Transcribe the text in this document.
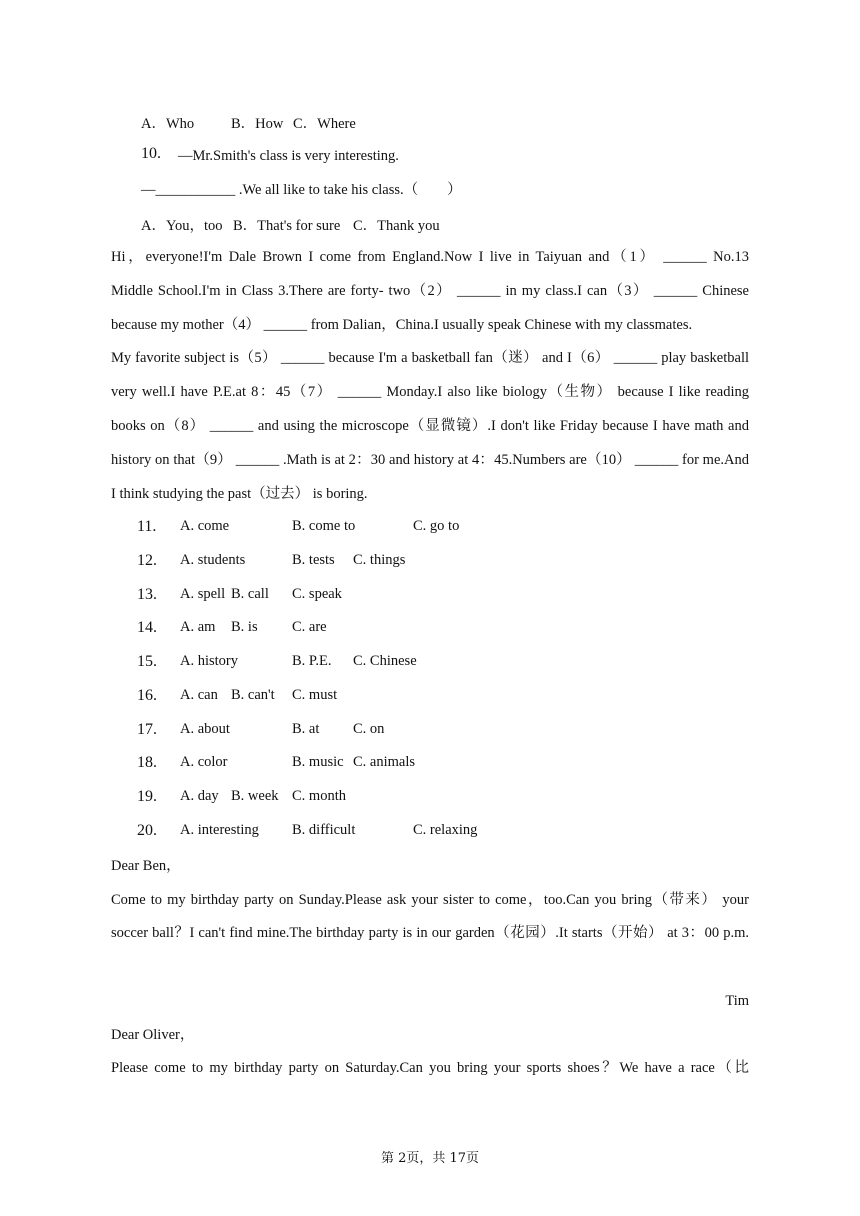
A．Who	B．How C．Where
10. —Mr.Smith's class is very interesting.
—___________ .We all like to take his class.（　　）
A．You，too B．That's for sure C．Thank you
Hi，everyone!I'm Dale Brown I come from England.Now I live in Taiyuan and（1） ______ No.13
Middle School.I'm in Class 3.There are forty- two（2） ______ in my class.I can（3） ______ Chinese
because my mother（4） ______ from Dalian，China.I usually speak Chinese with my classmates.
My favorite subject is（5） ______ because I'm a basketball fan（迷） and I（6） ______ play basketball
very well.I have P.E.at 8：45（7） ______ Monday.I also like biology（生物） because I like reading
books on（8） ______ and using the microscope（显微镜）.I don't like Friday because I have math and
history on that（9） ______ .Math is at 2：30 and history at 4：45.Numbers are（10） ______ for me.And
I think studying the past（过去） is boring.
11. A. come	B. come to	C. go to
12. A. students	B. tests C. things
13. A. spell B. call C. speak
14. A. am B. is C. are
15. A. history	B. P.E. C. Chinese
16. A. can B. can't C. must
17. A. about	B. at C. on
18. A. color	B. music C. animals
19. A. day B. week C. month
20. A. interesting B. difficult	C. relaxing
Dear Ben，
Come to my birthday party on Sunday.Please ask your sister to come，too.Can you bring（带来） your
soccer ball？I can't find mine.The birthday party is in our garden（花园）.It starts（开始） at 3：00 p.m.
Tim
Dear Oliver，
Please come to my birthday party on Saturday.Can you bring your sports shoes？We have a race（比
第 2页，共 17页
